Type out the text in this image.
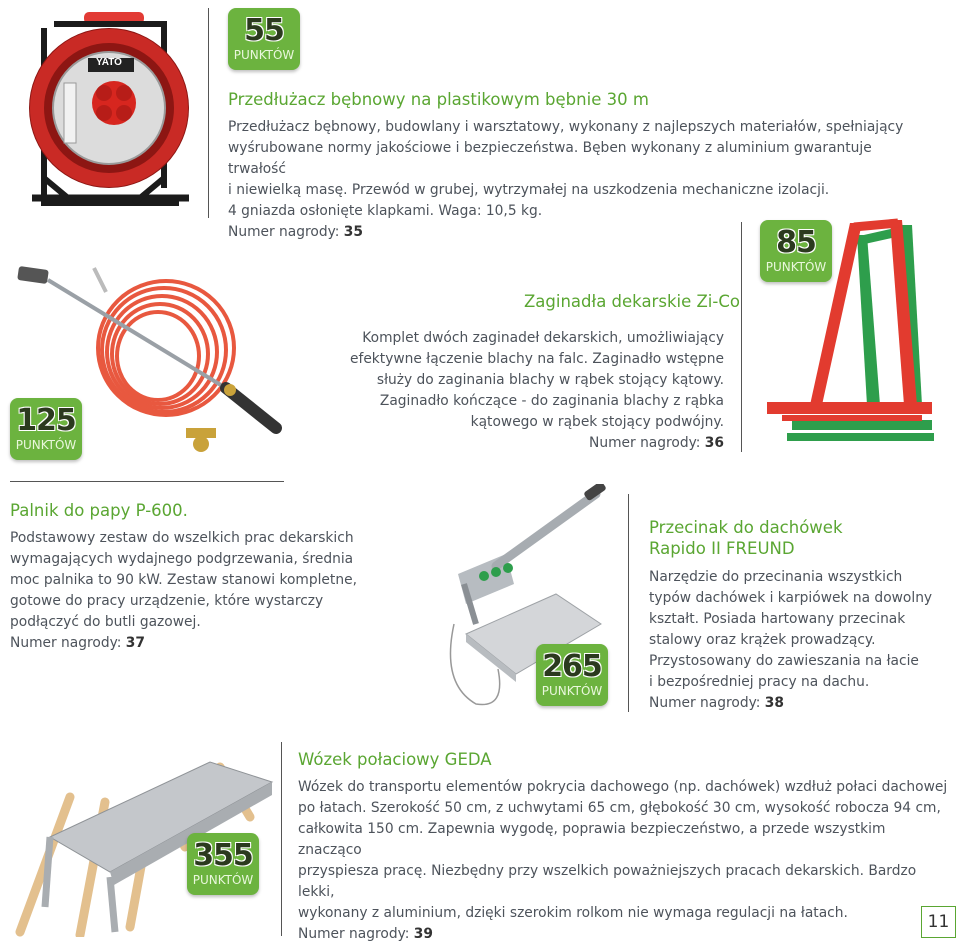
YATO
55
PUNKTÓW
Przedłużacz bębnowy na plastikowym bębnie 30 m

Przedłużacz bębnowy, budowlany i warsztatowy, wykonany z najlepszych materiałów, spełniający

wyśrubowane normy jakościowe i bezpieczeństwa. Bęben wykonany z aluminium gwarantuje trwałość

i niewielką masę. Przewód w grubej, wytrzymałej na uszkodzenia mechaniczne izolacji.

4 gniazda osłonięte klapkami. Waga: 10,5 kg.

Numer nagrody: 35	85
PUNKTÓW
Zaginadła dekarskie Zi-Co

Komplet dwóch zaginadeł dekarskich, umożliwiający

efektywne łączenie blachy na falc. Zaginadło wstępne

służy do zaginania blachy w rąbek stojący kątowy.

Zaginadło kończące - do zaginania blachy z rąbka

kątowego w rąbek stojący podwójny.

Numer nagrody: 36

125
PUNKTÓW
Palnik do papy P-600.

Podstawowy zestaw do wszelkich prac dekarskich

wymagających wydajnego podgrzewania, średnia

moc palnika to 90 kW. Zestaw stanowi kompletne,

gotowe do pracy urządzenie, które wystarczy

podłączyć do butli gazowej.

Numer nagrody: 37

265
PUNKTÓW
Przecinak do dachówek
Rapido II FREUND

Narzędzie do przecinania wszystkich

typów dachówek i karpiówek na dowolny

kształt. Posiada hartowany przecinak

stalowy oraz krążek prowadzący.

Przystosowany do zawieszania na łacie

i bezpośredniej pracy na dachu.

Numer nagrody: 38

355
PUNKTÓW
Wózek połaciowy GEDA

Wózek do transportu elementów pokrycia dachowego (np. dachówek) wzdłuż połaci dachowej

po łatach. Szerokość 50 cm, z uchwytami 65 cm, głębokość 30 cm, wysokość robocza 94 cm,

całkowita 150 cm. Zapewnia wygodę, poprawia bezpieczeństwo, a przede wszystkim znacząco

przyspiesza pracę. Niezbędny przy wszelkich poważniejszych pracach dekarskich. Bardzo lekki,

wykonany z aluminium, dzięki szerokim rolkom nie wymaga regulacji na łatach.

Numer nagrody: 39

11
